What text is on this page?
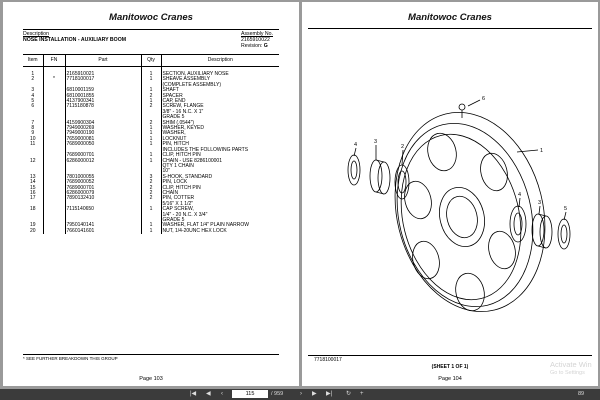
Manitowoc Cranes
Description
NOSE INSTALLATION - AUXILIARY BOOM
Assembly No.
2165910022
Revision: G
Item	FN	Part	Qty	Description
1		2165910021	1	SECTION, AUXILIARY NOSE
2	*	7718100017	1	SHEAVE ASSEMBLY
(COMPLETE ASSEMBLY)
3		6810001159	1	SHAFT
4		6810001855	2	SPACER
5		4137900341	1	CAP, END
6		7115180878	2	SCREW, FLANGE
3/8" - 16 N.C. X 1"
GRADE 5
7		4159900304	2	SHIM (.0544")
8		7949000269	1	WASHER, KEYED
9		7949000190	1	WASHER,
10		7659000081	1	LOCKNUT
11		7689000050	1	PIN, HITCH
INCLUDES THE FOLLOWING PARTS
		7689000701	1	CLIP, HITCH PIN
12		6286000012	1	CHAIN - USE 8286100001
QTY 1 CHAIN
10"
13		7801000055	3	S-HOOK, STANDARD
14		7689000052	2	PIN, LOCK
15		7689000701	2	CLIP, HITCH PIN
16		6286000079	2	CHAIN
17		7890132410	2	PIN, COTTER
5/16" X 1 1/2"
18		7115140650	1	CAP SCREW,
1/4" - 20 N.C. X 3/4"
GRADE 5
19		7950140141	1	WASHER, FLAT 1/4" PLAIN NARROW
20		7660141601	1	NUT, 1/4-20UNC HEX LOCK
* SEE FURTHER BREAKDOWN THIS GROUP
Page 103
Manitowoc Cranes
6
1
4	3
2
4
3
5
7718100017
(SHEET 1 OF 1)
Page 104
Activate Win
Go to Settings
|◀ ◀ ‹
115	/ 959	› ▶ ▶| ↻ +	89
